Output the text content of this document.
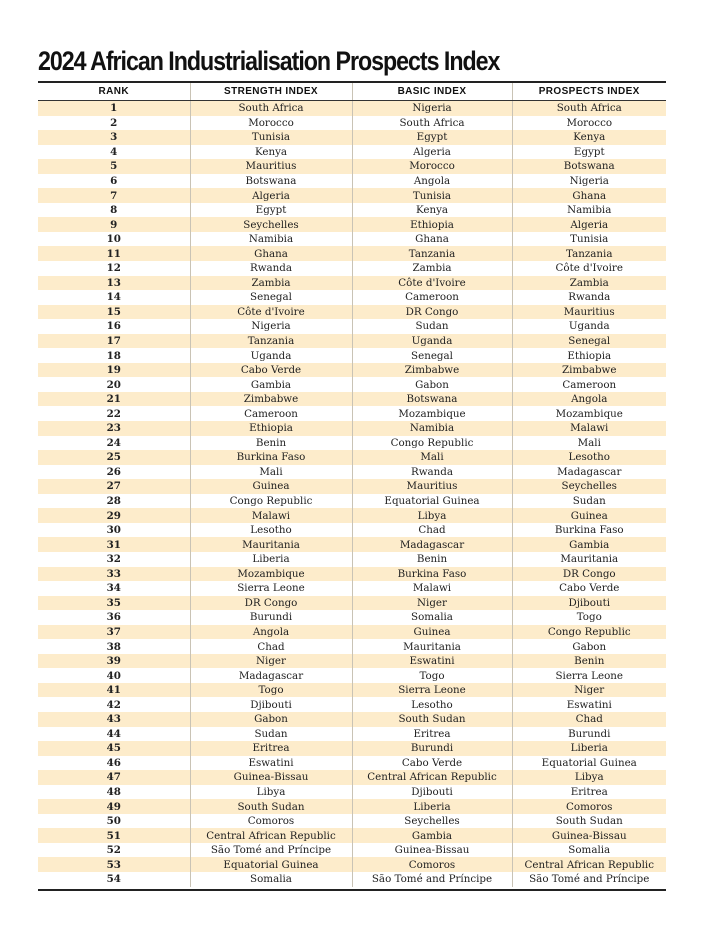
2024 African Industrialisation Prospects Index
RANK	STRENGTH INDEX	BASIC INDEX	PROSPECTS INDEX
1	South Africa	Nigeria	South Africa
2	Morocco	South Africa	Morocco
3	Tunisia	Egypt	Kenya
4	Kenya	Algeria	Egypt
5	Mauritius	Morocco	Botswana
6	Botswana	Angola	Nigeria
7	Algeria	Tunisia	Ghana
8	Egypt	Kenya	Namibia
9	Seychelles	Ethiopia	Algeria
10	Namibia	Ghana	Tunisia
11	Ghana	Tanzania	Tanzania
12	Rwanda	Zambia	Côte d'Ivoire
13	Zambia	Côte d'Ivoire	Zambia
14	Senegal	Cameroon	Rwanda
15	Côte d'Ivoire	DR Congo	Mauritius
16	Nigeria	Sudan	Uganda
17	Tanzania	Uganda	Senegal
18	Uganda	Senegal	Ethiopia
19	Cabo Verde	Zimbabwe	Zimbabwe
20	Gambia	Gabon	Cameroon
21	Zimbabwe	Botswana	Angola
22	Cameroon	Mozambique	Mozambique
23	Ethiopia	Namibia	Malawi
24	Benin	Congo Republic	Mali
25	Burkina Faso	Mali	Lesotho
26	Mali	Rwanda	Madagascar
27	Guinea	Mauritius	Seychelles
28	Congo Republic	Equatorial Guinea	Sudan
29	Malawi	Libya	Guinea
30	Lesotho	Chad	Burkina Faso
31	Mauritania	Madagascar	Gambia
32	Liberia	Benin	Mauritania
33	Mozambique	Burkina Faso	DR Congo
34	Sierra Leone	Malawi	Cabo Verde
35	DR Congo	Niger	Djibouti
36	Burundi	Somalia	Togo
37	Angola	Guinea	Congo Republic
38	Chad	Mauritania	Gabon
39	Niger	Eswatini	Benin
40	Madagascar	Togo	Sierra Leone
41	Togo	Sierra Leone	Niger
42	Djibouti	Lesotho	Eswatini
43	Gabon	South Sudan	Chad
44	Sudan	Eritrea	Burundi
45	Eritrea	Burundi	Liberia
46	Eswatini	Cabo Verde	Equatorial Guinea
47	Guinea-Bissau	Central African Republic	Libya
48	Libya	Djibouti	Eritrea
49	South Sudan	Liberia	Comoros
50	Comoros	Seychelles	South Sudan
51	Central African Republic	Gambia	Guinea-Bissau
52	São Tomé and Príncipe	Guinea-Bissau	Somalia
53	Equatorial Guinea	Comoros	Central African Republic
54	Somalia	São Tomé and Príncipe	São Tomé and Príncipe
